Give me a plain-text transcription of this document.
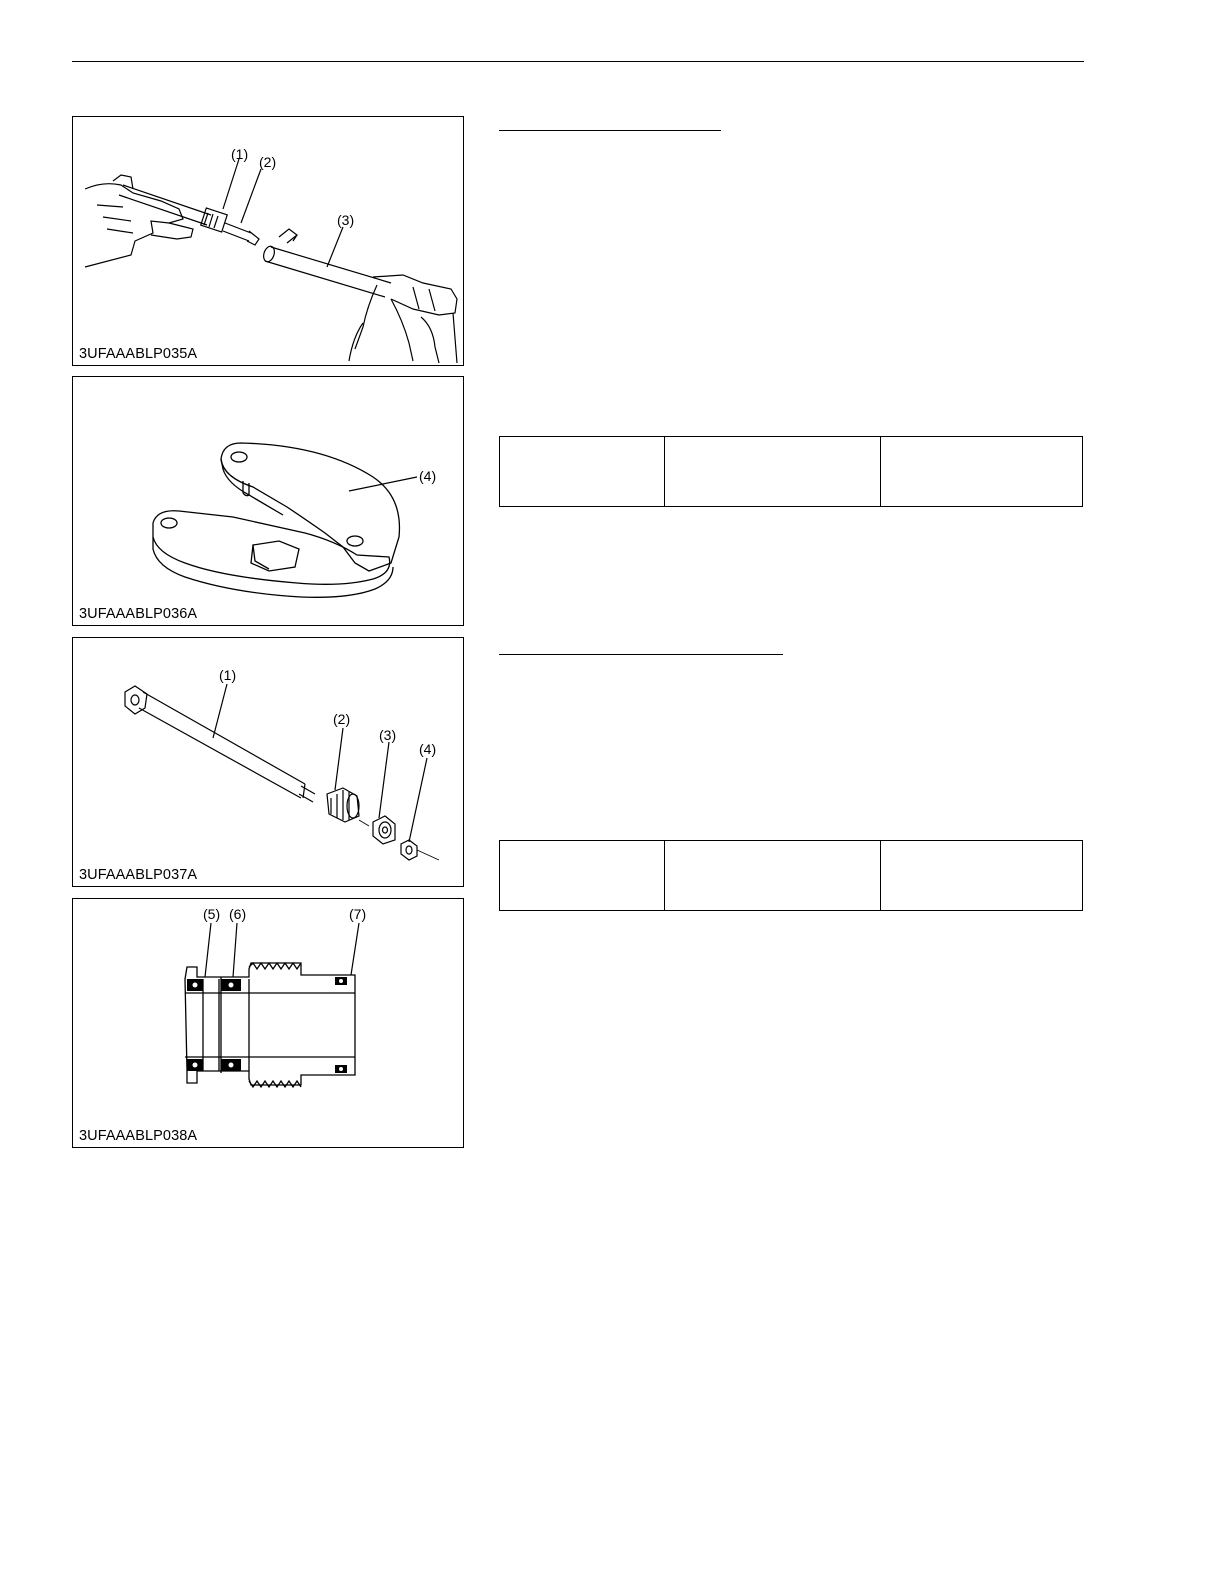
(1) (2)
(3)
3UFAAABLP035A
(4)
3UFAAABLP036A
(1)
(2)
(3)
(4)
3UFAAABLP037A
(5) (6)	(7)
3UFAAABLP038A
